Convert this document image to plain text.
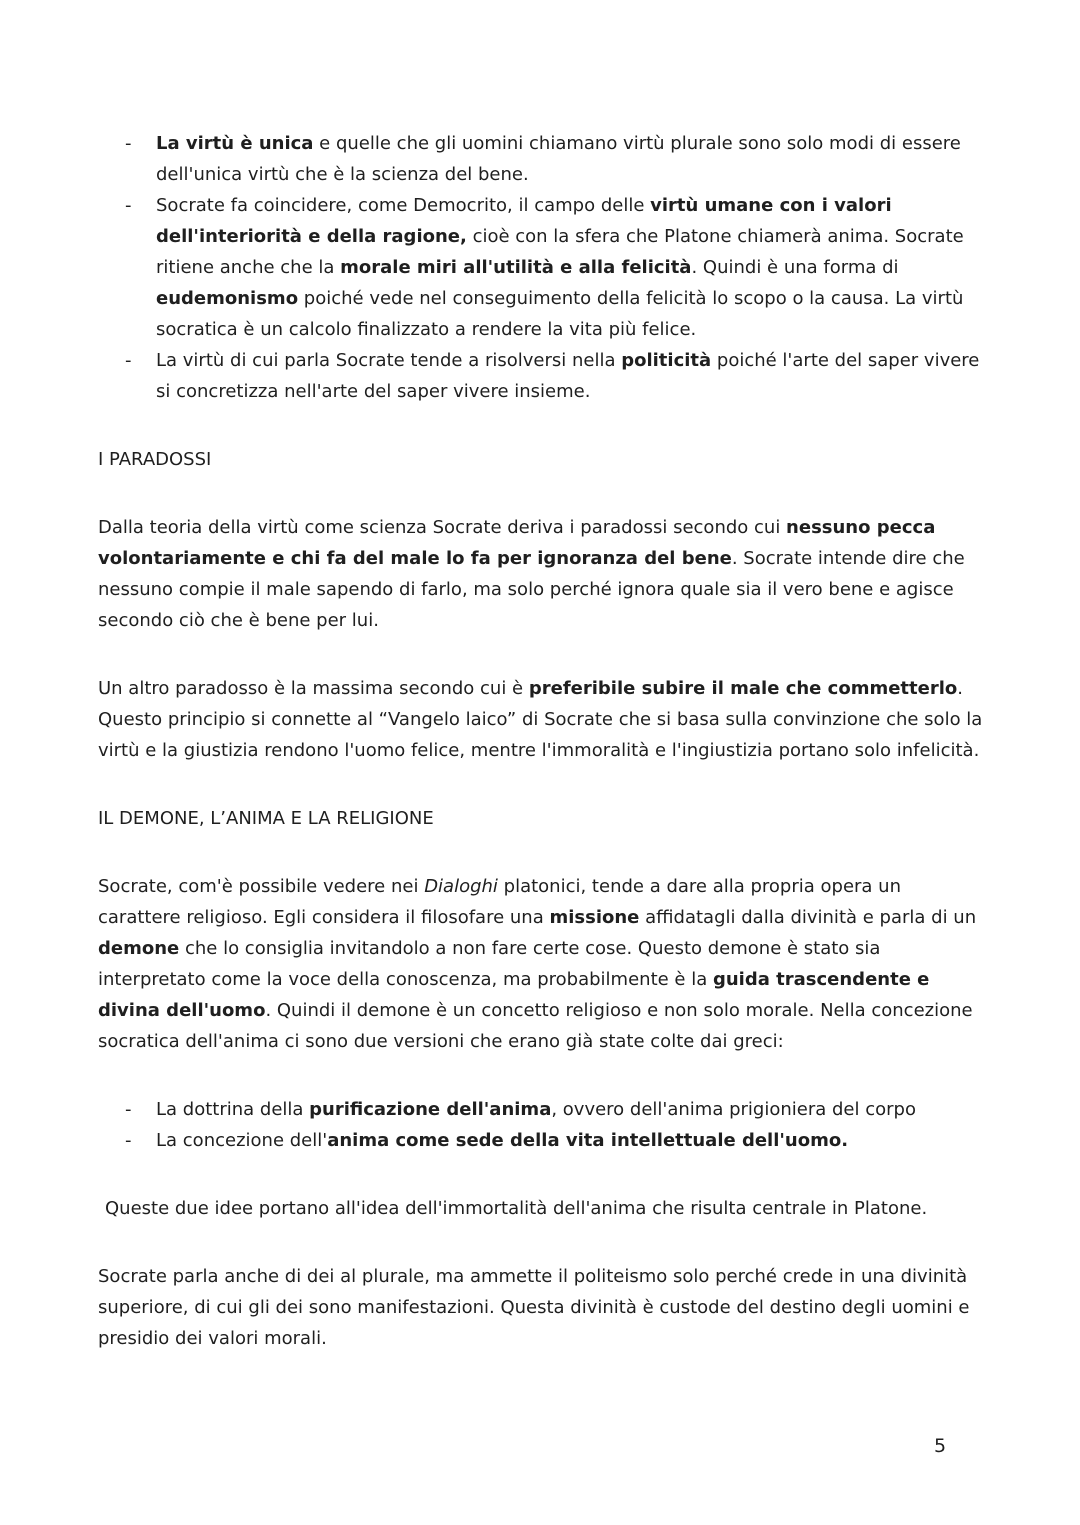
- La virtù è unica e quelle che gli uomini chiamano virtù plurale sono solo modi di essere dell'unica virtù che è la scienza del bene.
- Socrate fa coincidere, come Democrito, il campo delle virtù umane con i valori dell'interiorità e della ragione, cioè con la sfera che Platone chiamerà anima. Socrate ritiene anche che la morale miri all'utilità e alla felicità. Quindi è una forma di eudemonismo poiché vede nel conseguimento della felicità lo scopo o la causa. La virtù socratica è un calcolo finalizzato a rendere la vita più felice.
- La virtù di cui parla Socrate tende a risolversi nella politicità poiché l'arte del saper vivere si concretizza nell'arte del saper vivere insieme.
I PARADOSSI

Dalla teoria della virtù come scienza Socrate deriva i paradossi secondo cui nessuno pecca volontariamente e chi fa del male lo fa per ignoranza del bene. Socrate intende dire che nessuno compie il male sapendo di farlo, ma solo perché ignora quale sia il vero bene e agisce secondo ciò che è bene per lui.

Un altro paradosso è la massima secondo cui è preferibile subire il male che commetterlo. Questo principio si connette al “Vangelo laico” di Socrate che si basa sulla convinzione che solo la virtù e la giustizia rendono l'uomo felice, mentre l'immoralità e l'ingiustizia portano solo infelicità.

IL DEMONE, L’ANIMA E LA RELIGIONE

Socrate, com'è possibile vedere nei Dialoghi platonici, tende a dare alla propria opera un carattere religioso. Egli considera il filosofare una missione affidatagli dalla divinità e parla di un demone che lo consiglia invitandolo a non fare certe cose. Questo demone è stato sia interpretato come la voce della conoscenza, ma probabilmente è la guida trascendente e divina dell'uomo. Quindi il demone è un concetto religioso e non solo morale. Nella concezione socratica dell'anima ci sono due versioni che erano già state colte dai greci:

- La dottrina della purificazione dell'anima, ovvero dell'anima prigioniera del corpo
- La concezione dell'anima come sede della vita intellettuale dell'uomo.

Queste due idee portano all'idea dell'immortalità dell'anima che risulta centrale in Platone.

Socrate parla anche di dei al plurale, ma ammette il politeismo solo perché crede in una divinità superiore, di cui gli dei sono manifestazioni. Questa divinità è custode del destino degli uomini e presidio dei valori morali.

5
